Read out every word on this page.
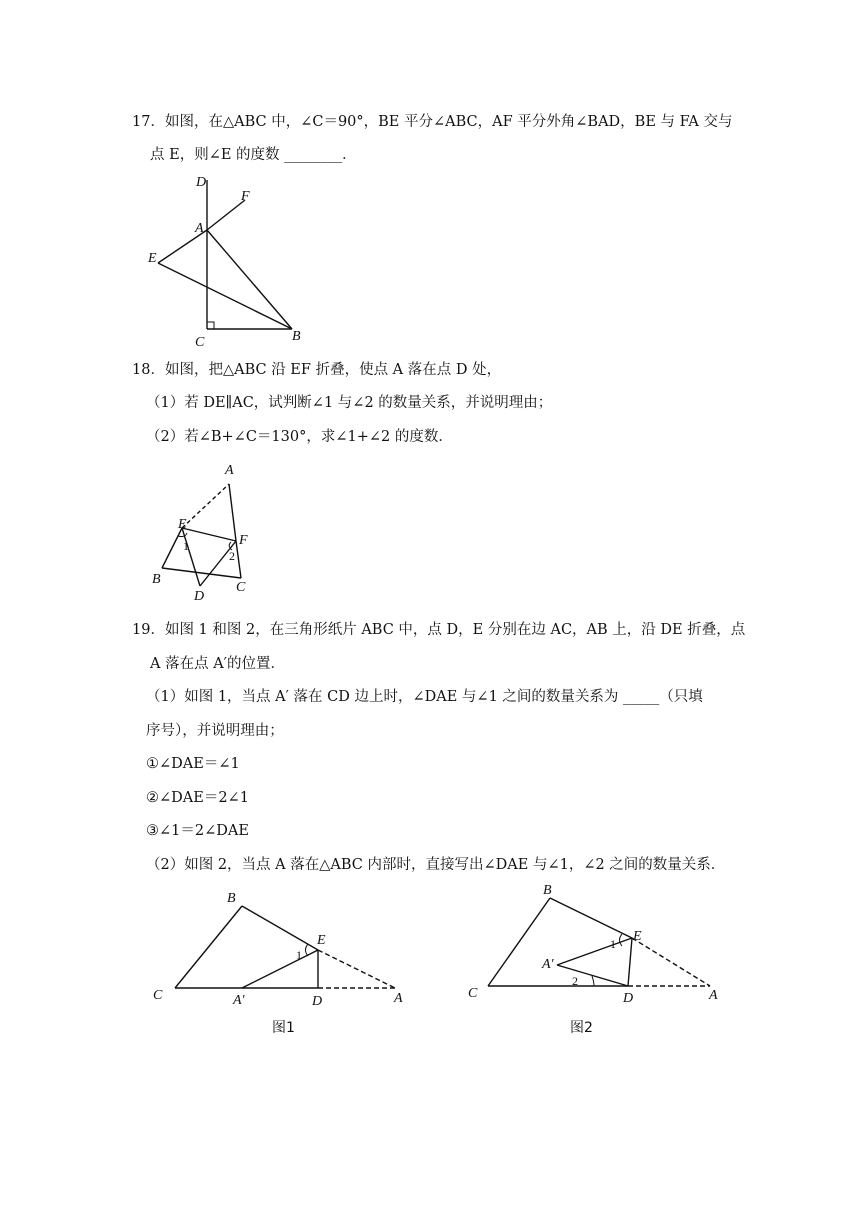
17．如图，在△ABC 中，∠C＝90°，BE 平分∠ABC，AF 平分外角∠BAD，BE 与 FA 交与
点 E，则∠E 的度数 ________．
D
F
A
E
C	B
18．如图，把△ABC 沿 EF 折叠，使点 A 落在点 D 处，
（1）若 DE∥AC，试判断∠1 与∠2 的数量关系，并说明理由；
（2）若∠B+∠C＝130°，求∠1+∠2 的度数．
A
E
F
B
C
D
1
2
19．如图 1 和图 2，在三角形纸片 ABC 中，点 D，E 分别在边 AC，AB 上，沿 DE 折叠，点
A 落在点 A′的位置．
（1）如图 1，当点 A′ 落在 CD 边上时，∠DAE 与∠1 之间的数量关系为 _____（只填
序号），并说明理由；
①∠DAE＝∠1
②∠DAE＝2∠1
③∠1＝2∠DAE
（2）如图 2，当点 A 落在△ABC 内部时，直接写出∠DAE 与∠1，∠2 之间的数量关系．
B
C	A′	D	A
E
1
图1
B
C
A′
D	A
E
1
2
图2
